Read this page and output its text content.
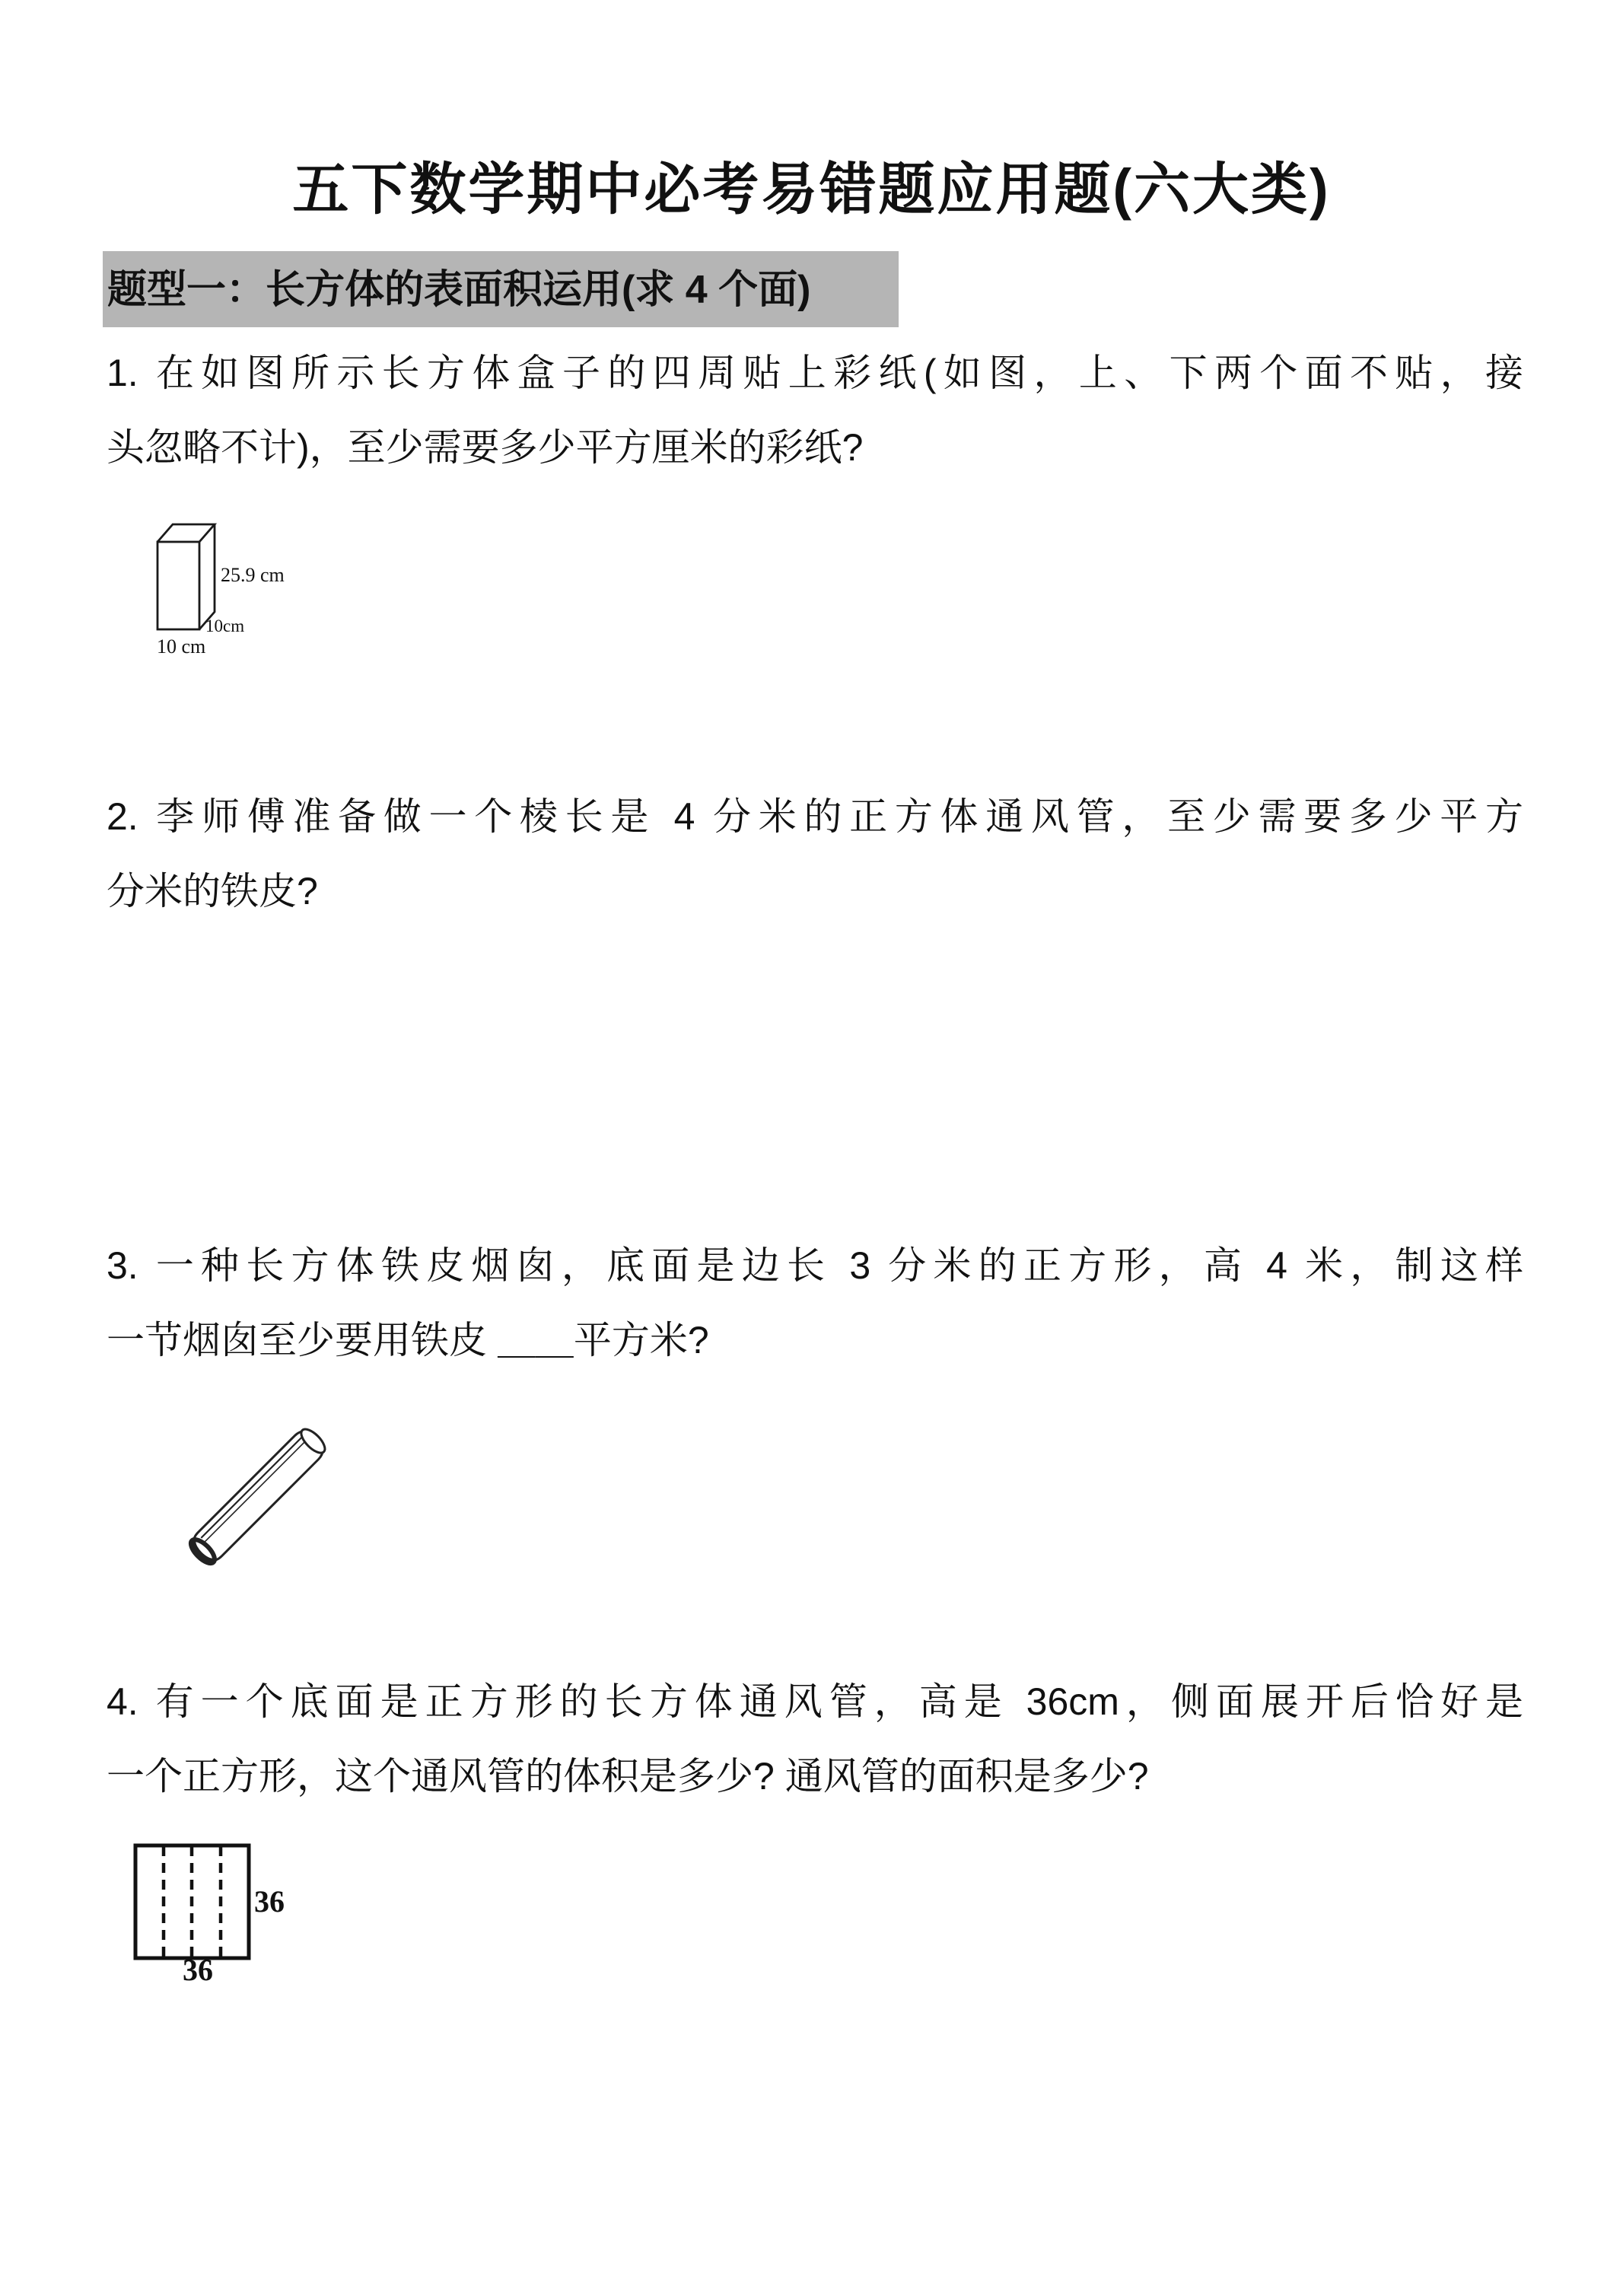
五下数学期中必考易错题应用题(六大类)
题型一：长方体的表面积运用(求 4 个面)
1. 在如图所示长方体盒子的四周贴上彩纸(如图，上、下两个面不贴，接
头忽略不计)，至少需要多少平方厘米的彩纸?
25.9 cm
10cm
10 cm
2. 李师傅准备做一个棱长是 4 分米的正方体通风管，至少需要多少平方
分米的铁皮?
3. 一种长方体铁皮烟囱，底面是边长 3 分米的正方形，高 4 米，制这样
一节烟囱至少要用铁皮 ＿＿平方米?
4. 有一个底面是正方形的长方体通风管，高是 36cm，侧面展开后恰好是
一个正方形，这个通风管的体积是多少? 通风管的面积是多少?
36
36
